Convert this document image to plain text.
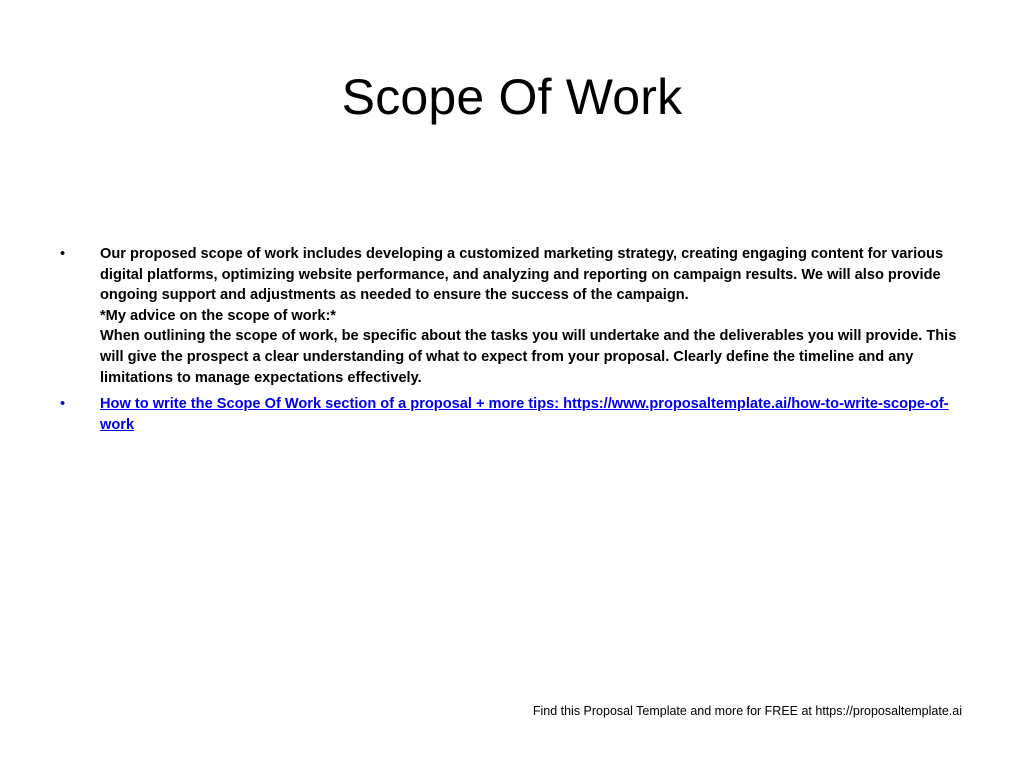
Scope Of Work
•	Our proposed scope of work includes developing a customized marketing strategy, creating engaging content for various digital platforms, optimizing website performance, and analyzing and reporting on campaign results. We will also provide ongoing support and adjustments as needed to ensure the success of the campaign.
*My advice on the scope of work:*
When outlining the scope of work, be specific about the tasks you will undertake and the deliverables you will provide. This will give the prospect a clear understanding of what to expect from your proposal. Clearly define the timeline and any limitations to manage expectations effectively.
•	How to write the Scope Of Work section of a proposal + more tips: https://www.proposaltemplate.ai/how-to-write-scope-of-work
Find this Proposal Template and more for FREE at https://proposaltemplate.ai
